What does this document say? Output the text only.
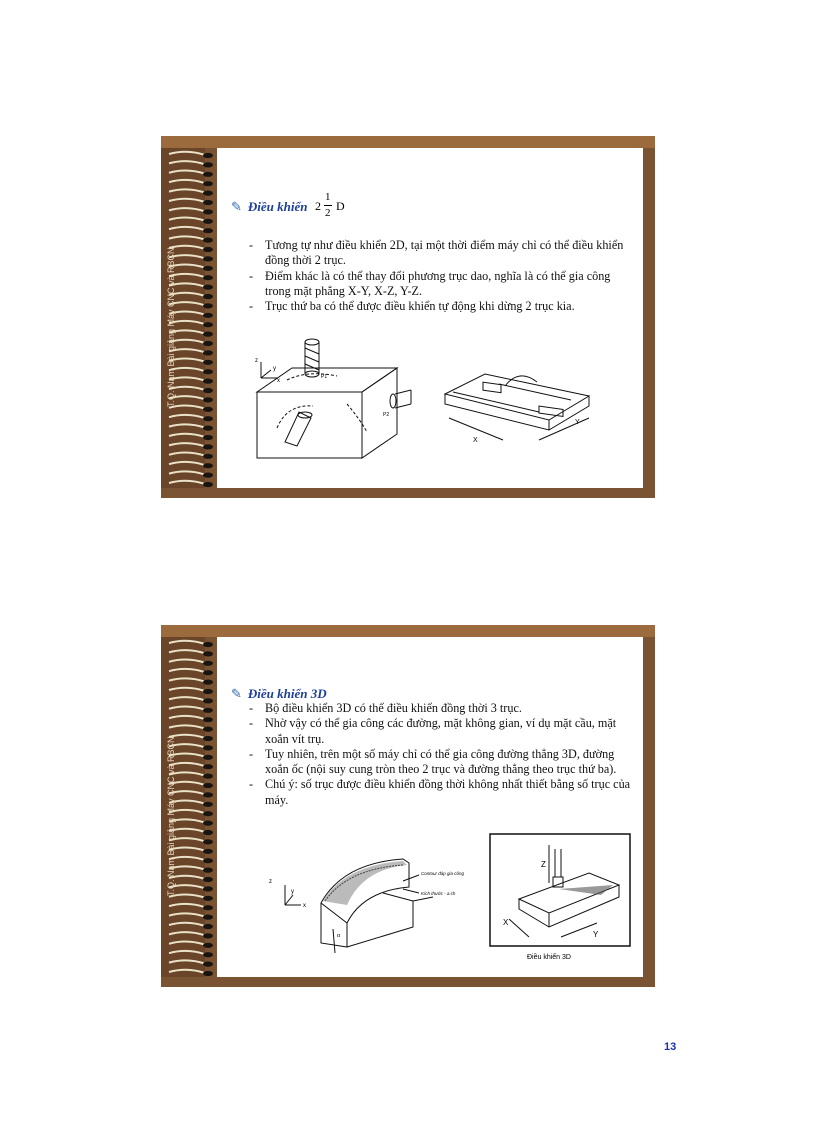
T.Q. Nam Bài giảng Máy CNC và RBCN
✎ Điều khiển 2
1
2 D
- Tương tự như điều khiển 2D, tại một thời điểm máy chỉ có thể điều khiển đồng thời 2 trục.
- Điểm khác là có thể thay đổi phương trục dao, nghĩa là có thể gia công trong mặt phẳng X-Y, X-Z, Y-Z.
- Trục thứ ba có thể được điều khiển tự động khi dừng 2 trục kia.
z
y
x
P1
P2
X
Y
T.Q. Nam Bài giảng Máy CNC và RBCN
✎ Điều khiển 3D
- Bộ điều khiển 3D có thể điều khiển đồng thời 3 trục.
- Nhờ vậy có thể gia công các đường, mặt không gian, ví dụ mặt cầu, mặt xoắn vít trụ.
- Tuy nhiên, trên một số máy chỉ có thể gia công đường thẳng 3D, đường xoắn ốc (nội suy cung tròn theo 2 trục và đường thẳng theo trục thứ ba).
- Chú ý: số trục được điều khiển đồng thời không nhất thiết bằng số trục của máy.
z
y
x
α
Contour đáp gia công
Kích thước - a.ch
Z
X
Y
Điều khiển 3D
13
